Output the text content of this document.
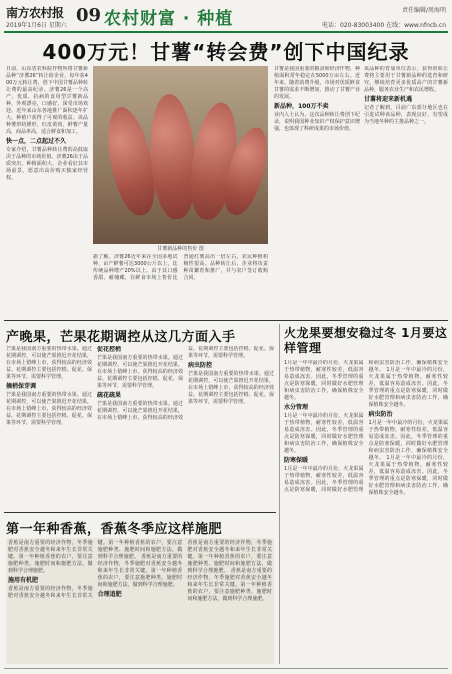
南方农村报
2019年1月6日 星期六 09 农村财富 · 种植	责任编辑/周海明
电话：020-83003400 在线：www.nfncb.cn
400万元！甘薯“转会费”创下中国纪录
日前，山东省农科院作物所将甘薯新品种“济薯26”转让给企业，每年获400万元转让费，创下中国甘薯品种转让费的最高纪录。济薯26是一个高产、优质、抗病的食用型甘薯新品种，外观漂亮，口感好，深受市场欢迎。近年来山东各地推广面积逐年扩大，种植户获得了可观的收益。该品种薯形纺锤形，红皮黄肉，鲜薯产量高，商品率高，适合鲜食和加工。
快一点，二点起过不久
专家介绍，甘薯品种转让费的高低取决于品种的市场价值。济薯26由于品质突出，种植面积大，企业看好其市场前景，愿意出高价购买独家经营权。
甘薯新品种的售价 图
甘薯是我国重要的粮食和经济作物，种植面积常年稳定在5000万亩左右。近年来，随着消费升级，市场对优质鲜食甘薯的需求不断增加，推动了甘薯产业的发展。
新品种，100万不卖
业内人士认为，这次品种转让费创下纪录，说明我国种业知识产权保护意识增强，也体现了科研成果的市场价值。
该品种的育成单位表示，获得的转让费将主要用于甘薯新品种的选育和研究，继续培育更多优质高产的甘薯新品种，服务农业生产和农民增收。
甘薯将迎来新机遇
记者了解到，目前广东部分地区也在引进试种该品种，表现良好，有望成为当地冬种的主推品种之一。
据了解，济薯26近年来在全国多地试种，亩产鲜薯可达3000公斤以上，比传统品种增产20%以上。由于其口感香甜、耐储藏，在鲜食市场上售价比普通红薯高出一倍左右，农民种植积极性很高。品种转让后，企业将负责种苗繁育和推广，并与农户签订收购合同。
产晚果，芒果花期调控从这几方面入手
芒果是我国南方重要的热带水果。通过花期调控，可以使芒果推迟开花结果，在市场上错峰上市，获得较高的经济效益。花期调控主要包括控梢、促花、保果等环节，需要科学管理。
摘梢保芽调
芒果是我国南方重要的热带水果。通过花期调控，可以使芒果推迟开花结果，在市场上错峰上市，获得较高的经济效益。花期调控主要包括控梢、促花、保果等环节，需要科学管理。
促花控梢
芒果是我国南方重要的热带水果。通过花期调控，可以使芒果推迟开花结果，在市场上错峰上市，获得较高的经济效益。花期调控主要包括控梢、促花、保果等环节，需要科学管理。
疏花疏果
芒果是我国南方重要的热带水果。通过花期调控，可以使芒果推迟开花结果，在市场上错峰上市，获得较高的经济效益。花期调控主要包括控梢、促花、保果等环节，需要科学管理。
病虫防控
芒果是我国南方重要的热带水果。通过花期调控，可以使芒果推迟开花结果，在市场上错峰上市，获得较高的经济效益。花期调控主要包括控梢、促花、保果等环节，需要科学管理。
火龙果要想安稳过冬 1月要这样管理
1月是一年中最冷的月份，火龙果属于热带植物，耐寒性较差，低温容易造成冻害。因此，冬季管理的重点是防寒保暖，同时做好水肥管理和病虫害防治工作，确保植株安全越冬。
水分管理
1月是一年中最冷的月份，火龙果属于热带植物，耐寒性较差，低温容易造成冻害。因此，冬季管理的重点是防寒保暖，同时做好水肥管理和病虫害防治工作，确保植株安全越冬。
防寒保暖
1月是一年中最冷的月份，火龙果属于热带植物，耐寒性较差，低温容易造成冻害。因此，冬季管理的重点是防寒保暖，同时做好水肥管理和病虫害防治工作，确保植株安全越冬。 1月是一年中最冷的月份，火龙果属于热带植物，耐寒性较差，低温容易造成冻害。因此，冬季管理的重点是防寒保暖，同时做好水肥管理和病虫害防治工作，确保植株安全越冬。
病虫防治
1月是一年中最冷的月份，火龙果属于热带植物，耐寒性较差，低温容易造成冻害。因此，冬季管理的重点是防寒保暖，同时做好水肥管理和病虫害防治工作，确保植株安全越冬。 1月是一年中最冷的月份，火龙果属于热带植物，耐寒性较差，低温容易造成冻害。因此，冬季管理的重点是防寒保暖，同时做好水肥管理和病虫害防治工作，确保植株安全越冬。
第一年种香蕉，香蕉冬季应这样施肥
香蕉是南方重要的经济作物，冬季施肥对香蕉安全越冬和来年生长非常关键。第一年种植香蕉的农户，要注意施肥种类、施肥时间和施肥方法，做到科学合理施肥。
施用有机肥
香蕉是南方重要的经济作物，冬季施肥对香蕉安全越冬和来年生长非常关键。第一年种植香蕉的农户，要注意施肥种类、施肥时间和施肥方法，做到科学合理施肥。 香蕉是南方重要的经济作物，冬季施肥对香蕉安全越冬和来年生长非常关键。第一年种植香蕉的农户，要注意施肥种类、施肥时间和施肥方法，做到科学合理施肥。
合理追肥
香蕉是南方重要的经济作物，冬季施肥对香蕉安全越冬和来年生长非常关键。第一年种植香蕉的农户，要注意施肥种类、施肥时间和施肥方法，做到科学合理施肥。 香蕉是南方重要的经济作物，冬季施肥对香蕉安全越冬和来年生长非常关键。第一年种植香蕉的农户，要注意施肥种类、施肥时间和施肥方法，做到科学合理施肥。
